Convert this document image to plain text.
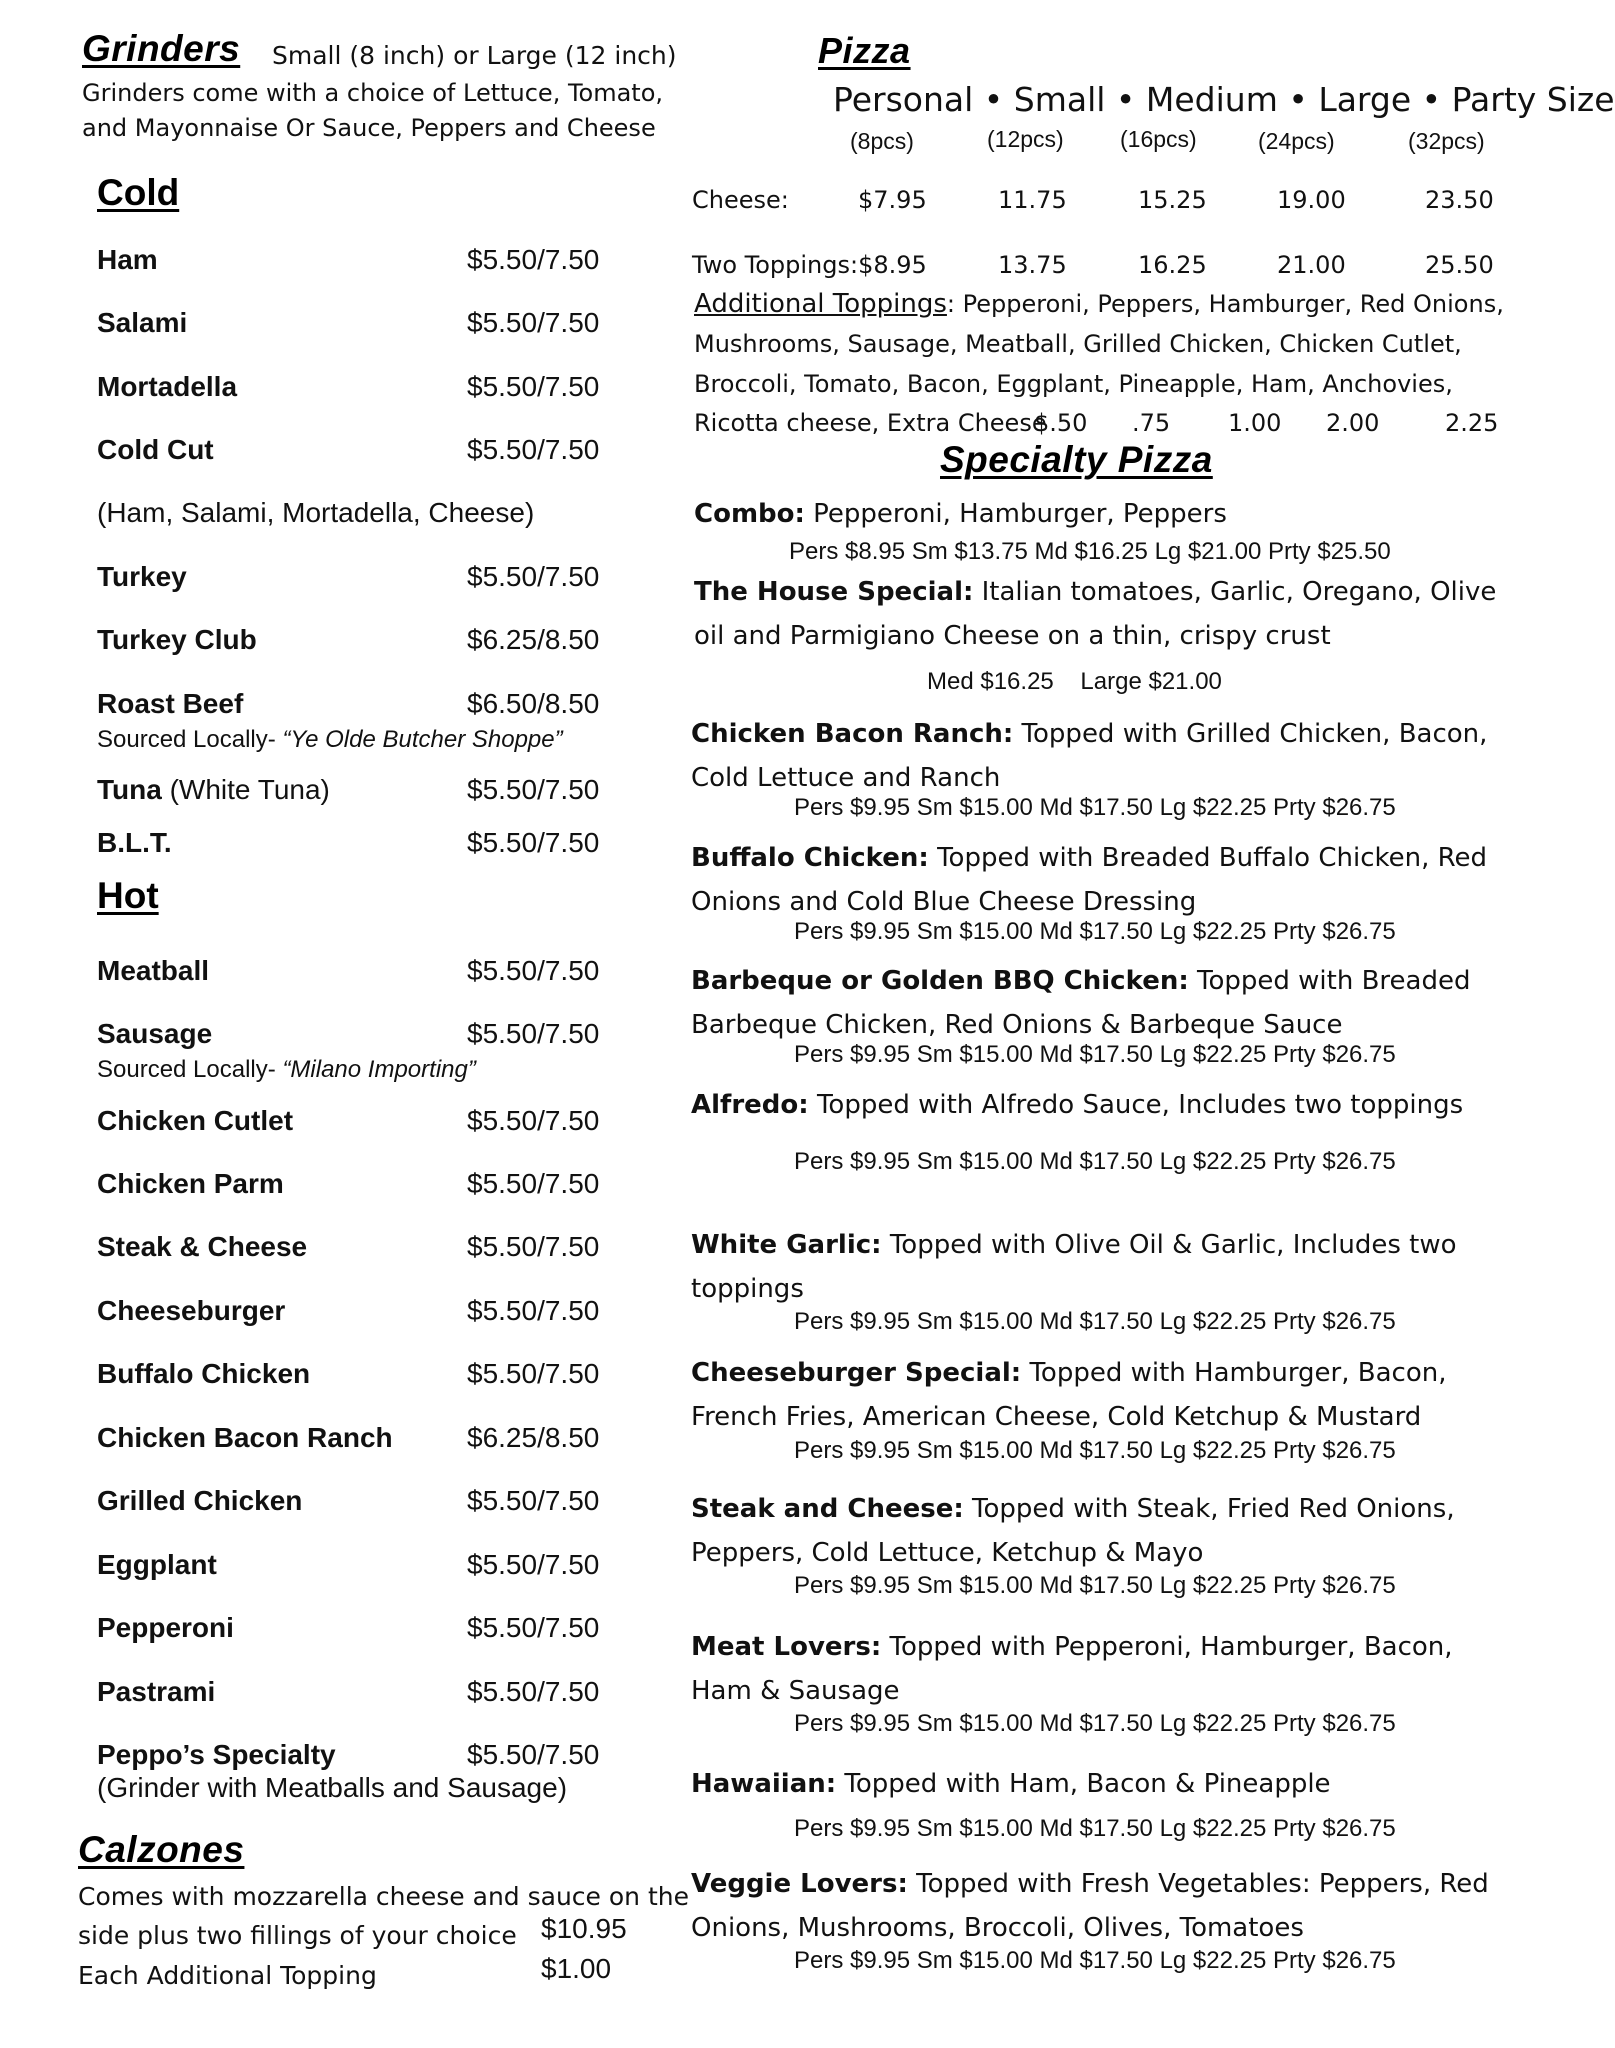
Grinders Small (8 inch) or Large (12 inch)
Grinders come with a choice of Lettuce, Tomato,
and Mayonnaise Or Sauce, Peppers and Cheese
Cold
Ham	$5.50/7.50
Salami	$5.50/7.50
Mortadella	$5.50/7.50
Cold Cut	$5.50/7.50
(Ham, Salami, Mortadella, Cheese)
Turkey	$5.50/7.50
Turkey Club	$6.25/8.50
Roast Beef	$6.50/8.50
Sourced Locally- “Ye Olde Butcher Shoppe”
Tuna (White Tuna)	$5.50/7.50
B.L.T.	$5.50/7.50
Hot
Meatball	$5.50/7.50
Sausage	$5.50/7.50
Sourced Locally- “Milano Importing”
Chicken Cutlet	$5.50/7.50
Chicken Parm	$5.50/7.50
Steak & Cheese	$5.50/7.50
Cheeseburger	$5.50/7.50
Buffalo Chicken	$5.50/7.50
Chicken Bacon Ranch	$6.25/8.50
Grilled Chicken	$5.50/7.50
Eggplant	$5.50/7.50
Pepperoni	$5.50/7.50
Pastrami	$5.50/7.50
Peppo’s Specialty	$5.50/7.50
(Grinder with Meatballs and Sausage)
Calzones
Comes with mozzarella cheese and sauce on the
side plus two fillings of your choice $10.95
Each Additional Topping	$1.00
Pizza
Personal • Small • Medium • Large • Party Size
(8pcs)	(12pcs) (16pcs)	(24pcs)	(32pcs)
Cheese:	$7.95	11.75	15.25	19.00	23.50
Two Toppings:$8.95	13.75	16.25	21.00	25.50
Additional Toppings: Pepperoni, Peppers, Hamburger, Red Onions,
Mushrooms, Sausage, Meatball, Grilled Chicken, Chicken Cutlet,
Broccoli, Tomato, Bacon, Eggplant, Pineapple, Ham, Anchovies,
Ricotta cheese, Extra Cheese
$.50 .75 1.00 2.00	2.25
Specialty Pizza
Combo: Pepperoni, Hamburger, Peppers
Pers $8.95 Sm $13.75 Md $16.25 Lg $21.00 Prty $25.50
The House Special: Italian tomatoes, Garlic, Oregano, Olive oil and Parmigiano Cheese on a thin, crispy crust
Med $16.25    Large $21.00
Chicken Bacon Ranch: Topped with Grilled Chicken, Bacon, Cold Lettuce and Ranch
Pers $9.95 Sm $15.00 Md $17.50 Lg $22.25 Prty $26.75
Buffalo Chicken: Topped with Breaded Buffalo Chicken, Red Onions and Cold Blue Cheese Dressing
Pers $9.95 Sm $15.00 Md $17.50 Lg $22.25 Prty $26.75
Barbeque or Golden BBQ Chicken: Topped with Breaded Barbeque Chicken, Red Onions & Barbeque Sauce
Pers $9.95 Sm $15.00 Md $17.50 Lg $22.25 Prty $26.75
Alfredo: Topped with Alfredo Sauce, Includes two toppings
Pers $9.95 Sm $15.00 Md $17.50 Lg $22.25 Prty $26.75
White Garlic: Topped with Olive Oil & Garlic, Includes two toppings
Pers $9.95 Sm $15.00 Md $17.50 Lg $22.25 Prty $26.75
Cheeseburger Special: Topped with Hamburger, Bacon, French Fries, American Cheese, Cold Ketchup & Mustard
Pers $9.95 Sm $15.00 Md $17.50 Lg $22.25 Prty $26.75
Steak and Cheese: Topped with Steak, Fried Red Onions, Peppers, Cold Lettuce, Ketchup & Mayo
Pers $9.95 Sm $15.00 Md $17.50 Lg $22.25 Prty $26.75
Meat Lovers: Topped with Pepperoni, Hamburger, Bacon, Ham & Sausage
Pers $9.95 Sm $15.00 Md $17.50 Lg $22.25 Prty $26.75
Hawaiian: Topped with Ham, Bacon & Pineapple
Pers $9.95 Sm $15.00 Md $17.50 Lg $22.25 Prty $26.75
Veggie Lovers: Topped with Fresh Vegetables: Peppers, Red Onions, Mushrooms, Broccoli, Olives, Tomatoes
Pers $9.95 Sm $15.00 Md $17.50 Lg $22.25 Prty $26.75
